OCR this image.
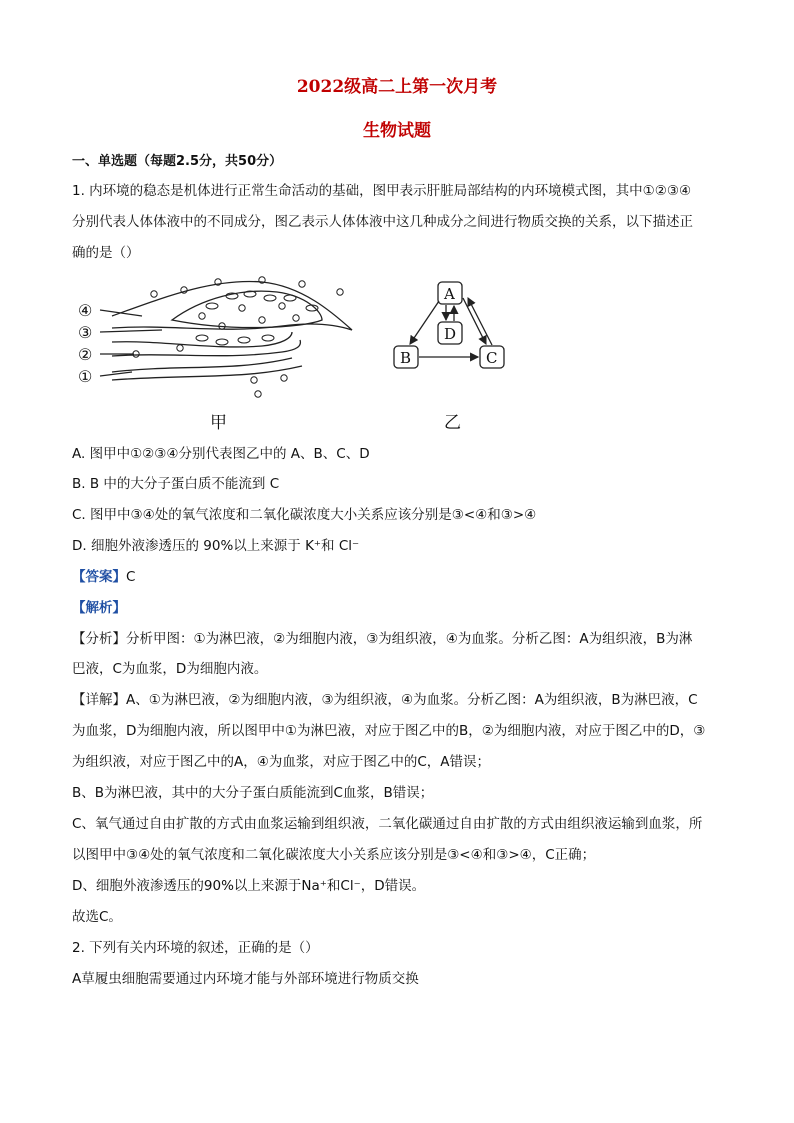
2022级高二上第一次月考
生物试题

一、单选题（每题2.5分，共50分）

1. 内环境的稳态是机体进行正常生命活动的基础，图甲表示肝脏局部结构的内环境模式图，其中①②③④

分别代表人体体液中的不同成分，图乙表示人体体液中这几种成分之间进行物质交换的关系，以下描述正

确的是（）

④
③
②
①
甲
A
D
B	C
乙

A. 图甲中①②③④分别代表图乙中的 A、B、C、D

B. B 中的大分子蛋白质不能流到 C

C. 图甲中③④处的氧气浓度和二氧化碳浓度大小关系应该分别是③<④和③>④

D. 细胞外液渗透压的 90%以上来源于 K⁺和 Cl⁻

【答案】C

【解析】

【分析】分析甲图：①为淋巴液，②为细胞内液，③为组织液，④为血浆。分析乙图：A为组织液，B为淋

巴液，C为血浆，D为细胞内液。

【详解】A、①为淋巴液，②为细胞内液，③为组织液，④为血浆。分析乙图：A为组织液，B为淋巴液，C

为血浆，D为细胞内液，所以图甲中①为淋巴液，对应于图乙中的B，②为细胞内液，对应于图乙中的D，③

为组织液，对应于图乙中的A，④为血浆，对应于图乙中的C，A错误；

B、B为淋巴液，其中的大分子蛋白质能流到C血浆，B错误；

C、氧气通过自由扩散的方式由血浆运输到组织液，二氧化碳通过自由扩散的方式由组织液运输到血浆，所

以图甲中③④处的氧气浓度和二氧化碳浓度大小关系应该分别是③<④和③>④，C正确；

D、细胞外液渗透压的90%以上来源于Na⁺和Cl⁻，D错误。

故选C。

2. 下列有关内环境的叙述，正确的是（）

A草履虫细胞需要通过内环境才能与外部环境进行物质交换
